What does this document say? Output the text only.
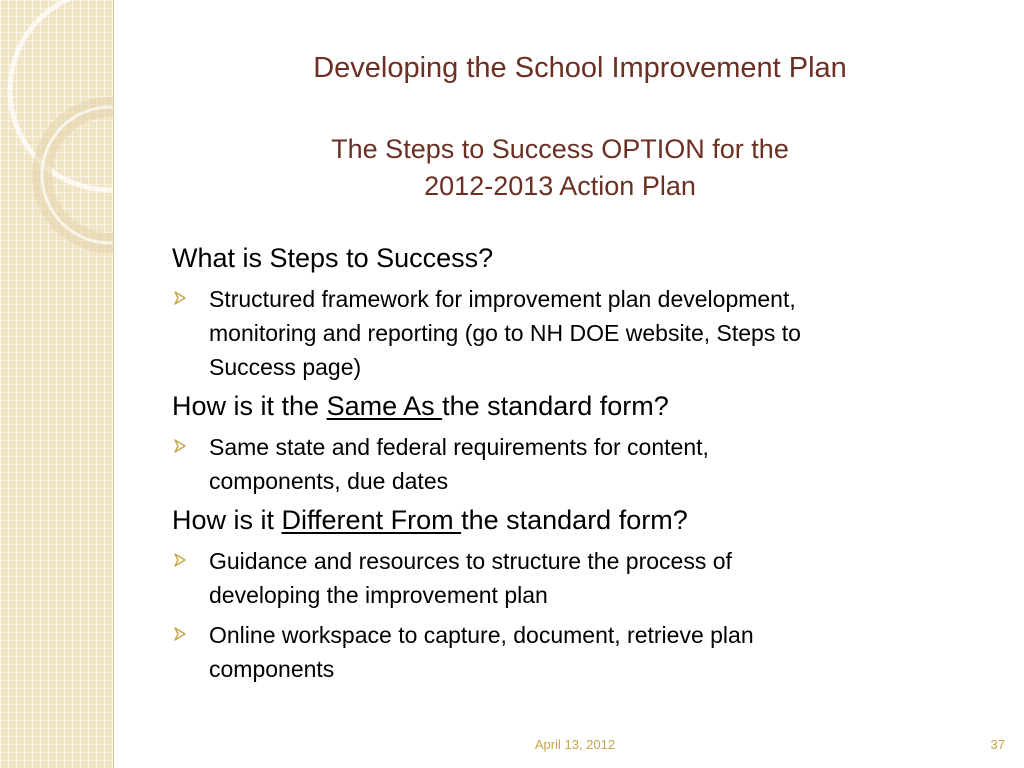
Developing the School Improvement Plan
The Steps to Success OPTION for the
2012-2013 Action Plan
What is Steps to Success?
Structured framework for improvement plan development,
monitoring and reporting (go to NH DOE website, Steps to
Success page)
How is it the Same As the standard form?
Same state and federal requirements for content,
components, due dates
How is it Different From the standard form?
Guidance and resources to structure the process of
developing the improvement plan
Online workspace to capture, document, retrieve plan
components
April 13, 2012	37
